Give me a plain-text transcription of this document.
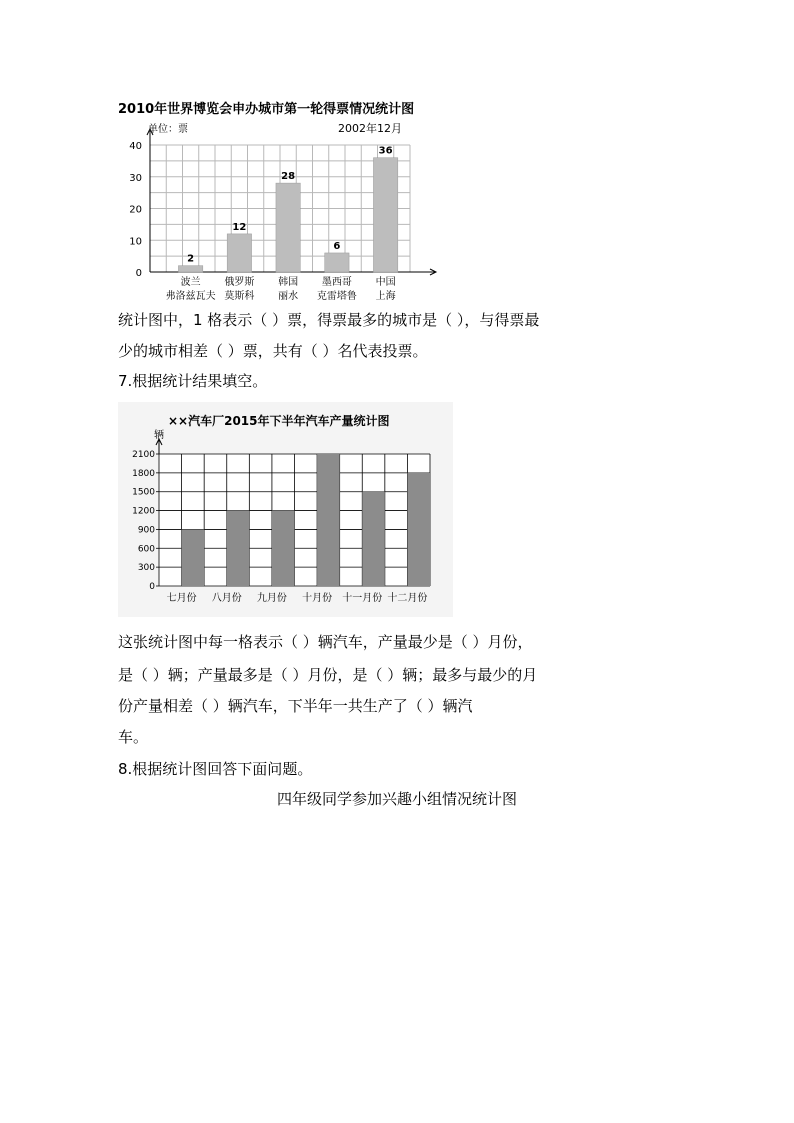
2010年世界博览会申办城市第一轮得票情况统计图
0
10
20
30
40
2
波兰
弗洛兹瓦夫
12
俄罗斯
莫斯科
28
韩国
丽水
6
墨西哥
克雷塔鲁
36
中国
上海
单位：票	2002年12月
统计图中，1 格表示（ ）票，得票最多的城市是（ ），与得票最
少的城市相差（ ）票，共有（ ）名代表投票。
7.根据统计结果填空。
××汽车厂2015年下半年汽车产量统计图
辆
七月份 八月份 九月份 十月份 十一月份 十二月份
0
300
600
900
1200
1500
1800
2100
这张统计图中每一格表示（ ）辆汽车，产量最少是（ ）月份，
是（ ）辆；产量最多是（ ）月份，是（ ）辆；最多与最少的月
份产量相差（ ）辆汽车，下半年一共生产了（ ）辆汽
车。
8.根据统计图回答下面问题。
四年级同学参加兴趣小组情况统计图
